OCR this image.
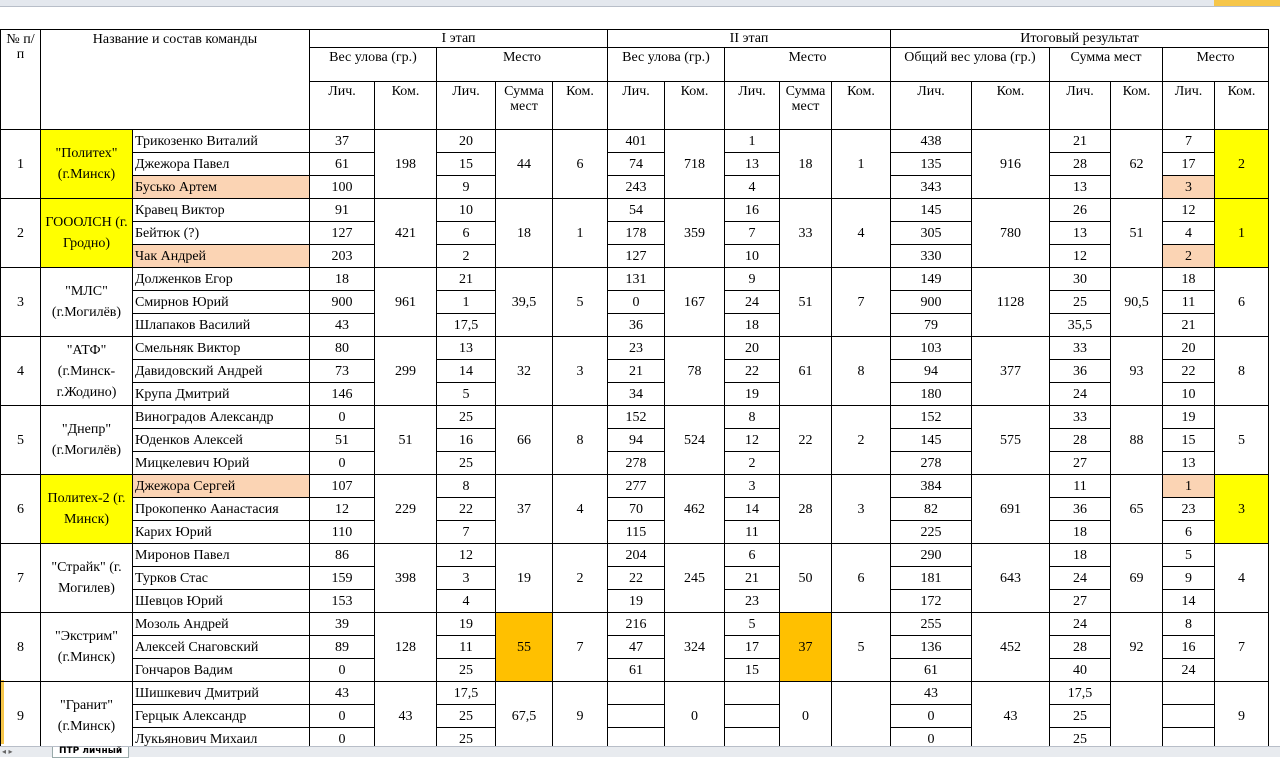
№ п/п	Название и состав команды		I этап					II этап					Итоговый результат					
			Вес улова (гр.)		Место			Вес улова (гр.)		Место			Общий вес улова (гр.)		Сумма мест		Место	
			Лич.	Ком.	Лич.	Сумма мест	Ком.	Лич.	Ком.	Лич.	Сумма мест	Ком.	Лич.	Ком.	Лич.	Ком.	Лич.	Ком.
1	"Политех" (г.Минск)	Трикозенко Виталий	37	198	20	44	6	401	718	1	18	1	438	916	21	62	7	2
		Джежора Павел	61		15			74		13			135		28		17	
		Бусько Артем	100		9			243		4			343		13		3	
2	ГОООЛСН (г. Гродно)	Кравец Виктор	91	421	10	18	1	54	359	16	33	4	145	780	26	51	12	1
		Бейтюк (?)	127		6			178		7			305		13		4	
		Чак Андрей	203		2			127		10			330		12		2	
3	"МЛС" (г.Могилёв)	Долженков Егор	18	961	21	39,5	5	131	167	9	51	7	149	1128	30	90,5	18	6
		Смирнов Юрий	900		1			0		24			900		25		11	
		Шлапаков Василий	43		17,5			36		18			79		35,5		21	
4	"АТФ" (г.Минск-г.Жодино)	Смельняк Виктор	80	299	13	32	3	23	78	20	61	8	103	377	33	93	20	8
		Давидовский Андрей	73		14			21		22			94		36		22	
		Крупа Дмитрий	146		5			34		19			180		24		10	
5	"Днепр" (г.Могилёв)	Виноградов Александр	0	51	25	66	8	152	524	8	22	2	152	575	33	88	19	5
		Юденков Алексей	51		16			94		12			145		28		15	
		Мицкелевич Юрий	0		25			278		2			278		27		13	
6	Политех-2 (г. Минск)	Джежора Сергей	107	229	8	37	4	277	462	3	28	3	384	691	11	65	1	3
		Прокопенко Аанастасия	12		22			70		14			82		36		23	
		Карих Юрий	110		7			115		11			225		18		6	
7	"Страйк" (г. Могилев)	Миронов Павел	86	398	12	19	2	204	245	6	50	6	290	643	18	69	5	4
		Турков Стас	159		3			22		21			181		24		9	
		Шевцов Юрий	153		4			19		23			172		27		14	
8	"Экстрим" (г.Минск)	Мозоль Андрей	39	128	19	55	7	216	324	5	37	5	255	452	24	92	8	7
		Алексей Снаговский	89		11			47		17			136		28		16	
		Гончаров Вадим	0		25			61		15			61		40		24	
9	"Гранит" (г.Минск)	Шишкевич Дмитрий	43	43	17,5	67,5	9		0		0		43	43	17,5			9
		Герцык Александр	0		25								0		25			
		Лукьянович Михаил	0		25								0		25			
◂ ▸	ПТР личный
